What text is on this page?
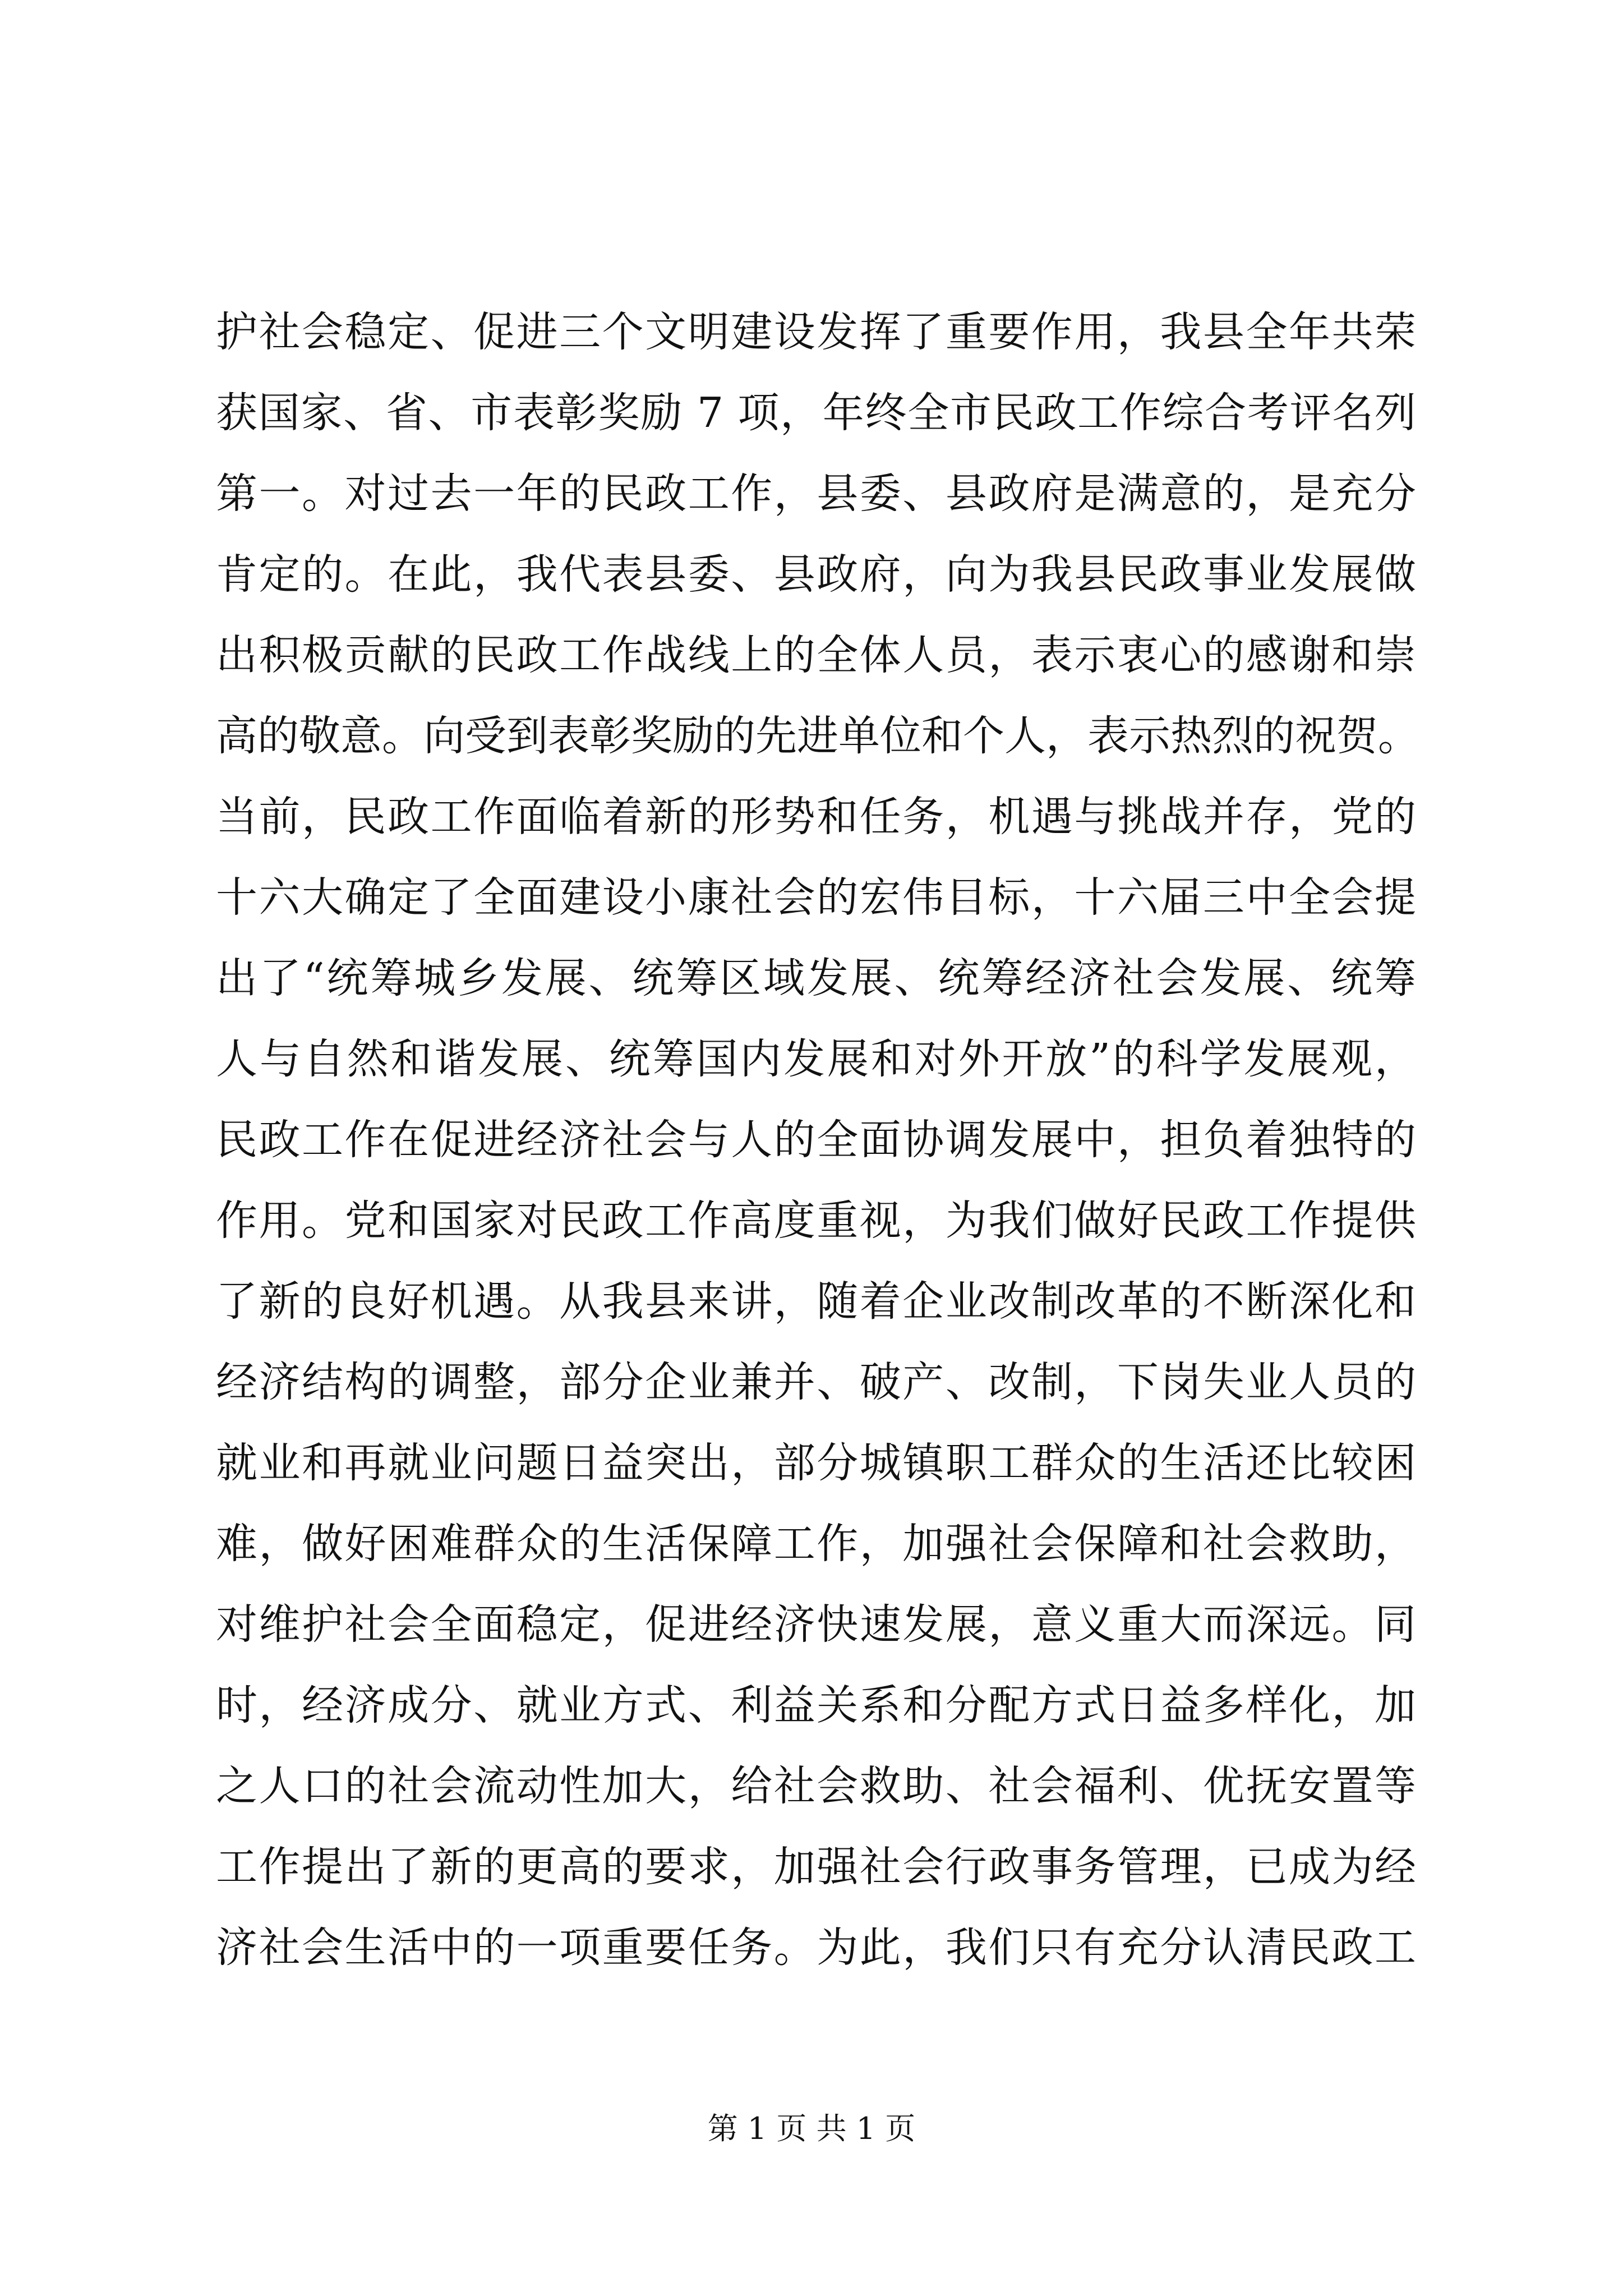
护社会稳定、促进三个文明建设发挥了重要作用，我县全年共荣
获国家、省、市表彰奖励 7 项，年终全市民政工作综合考评名列
第一。对过去一年的民政工作，县委、县政府是满意的，是充分
肯定的。在此，我代表县委、县政府，向为我县民政事业发展做
出积极贡献的民政工作战线上的全体人员，表示衷心的感谢和崇
高的敬意。向受到表彰奖励的先进单位和个人，表示热烈的祝贺。
当前，民政工作面临着新的形势和任务，机遇与挑战并存，党的
十六大确定了全面建设小康社会的宏伟目标，十六届三中全会提
出了“统筹城乡发展、统筹区域发展、统筹经济社会发展、统筹
人与自然和谐发展、统筹国内发展和对外开放”的科学发展观，
民政工作在促进经济社会与人的全面协调发展中，担负着独特的
作用。党和国家对民政工作高度重视，为我们做好民政工作提供
了新的良好机遇。从我县来讲，随着企业改制改革的不断深化和
经济结构的调整，部分企业兼并、破产、改制，下岗失业人员的
就业和再就业问题日益突出，部分城镇职工群众的生活还比较困
难，做好困难群众的生活保障工作，加强社会保障和社会救助，
对维护社会全面稳定，促进经济快速发展，意义重大而深远。同
时，经济成分、就业方式、利益关系和分配方式日益多样化，加
之人口的社会流动性加大，给社会救助、社会福利、优抚安置等
工作提出了新的更高的要求，加强社会行政事务管理，已成为经
济社会生活中的一项重要任务。为此，我们只有充分认清民政工
第 1 页 共 1 页
